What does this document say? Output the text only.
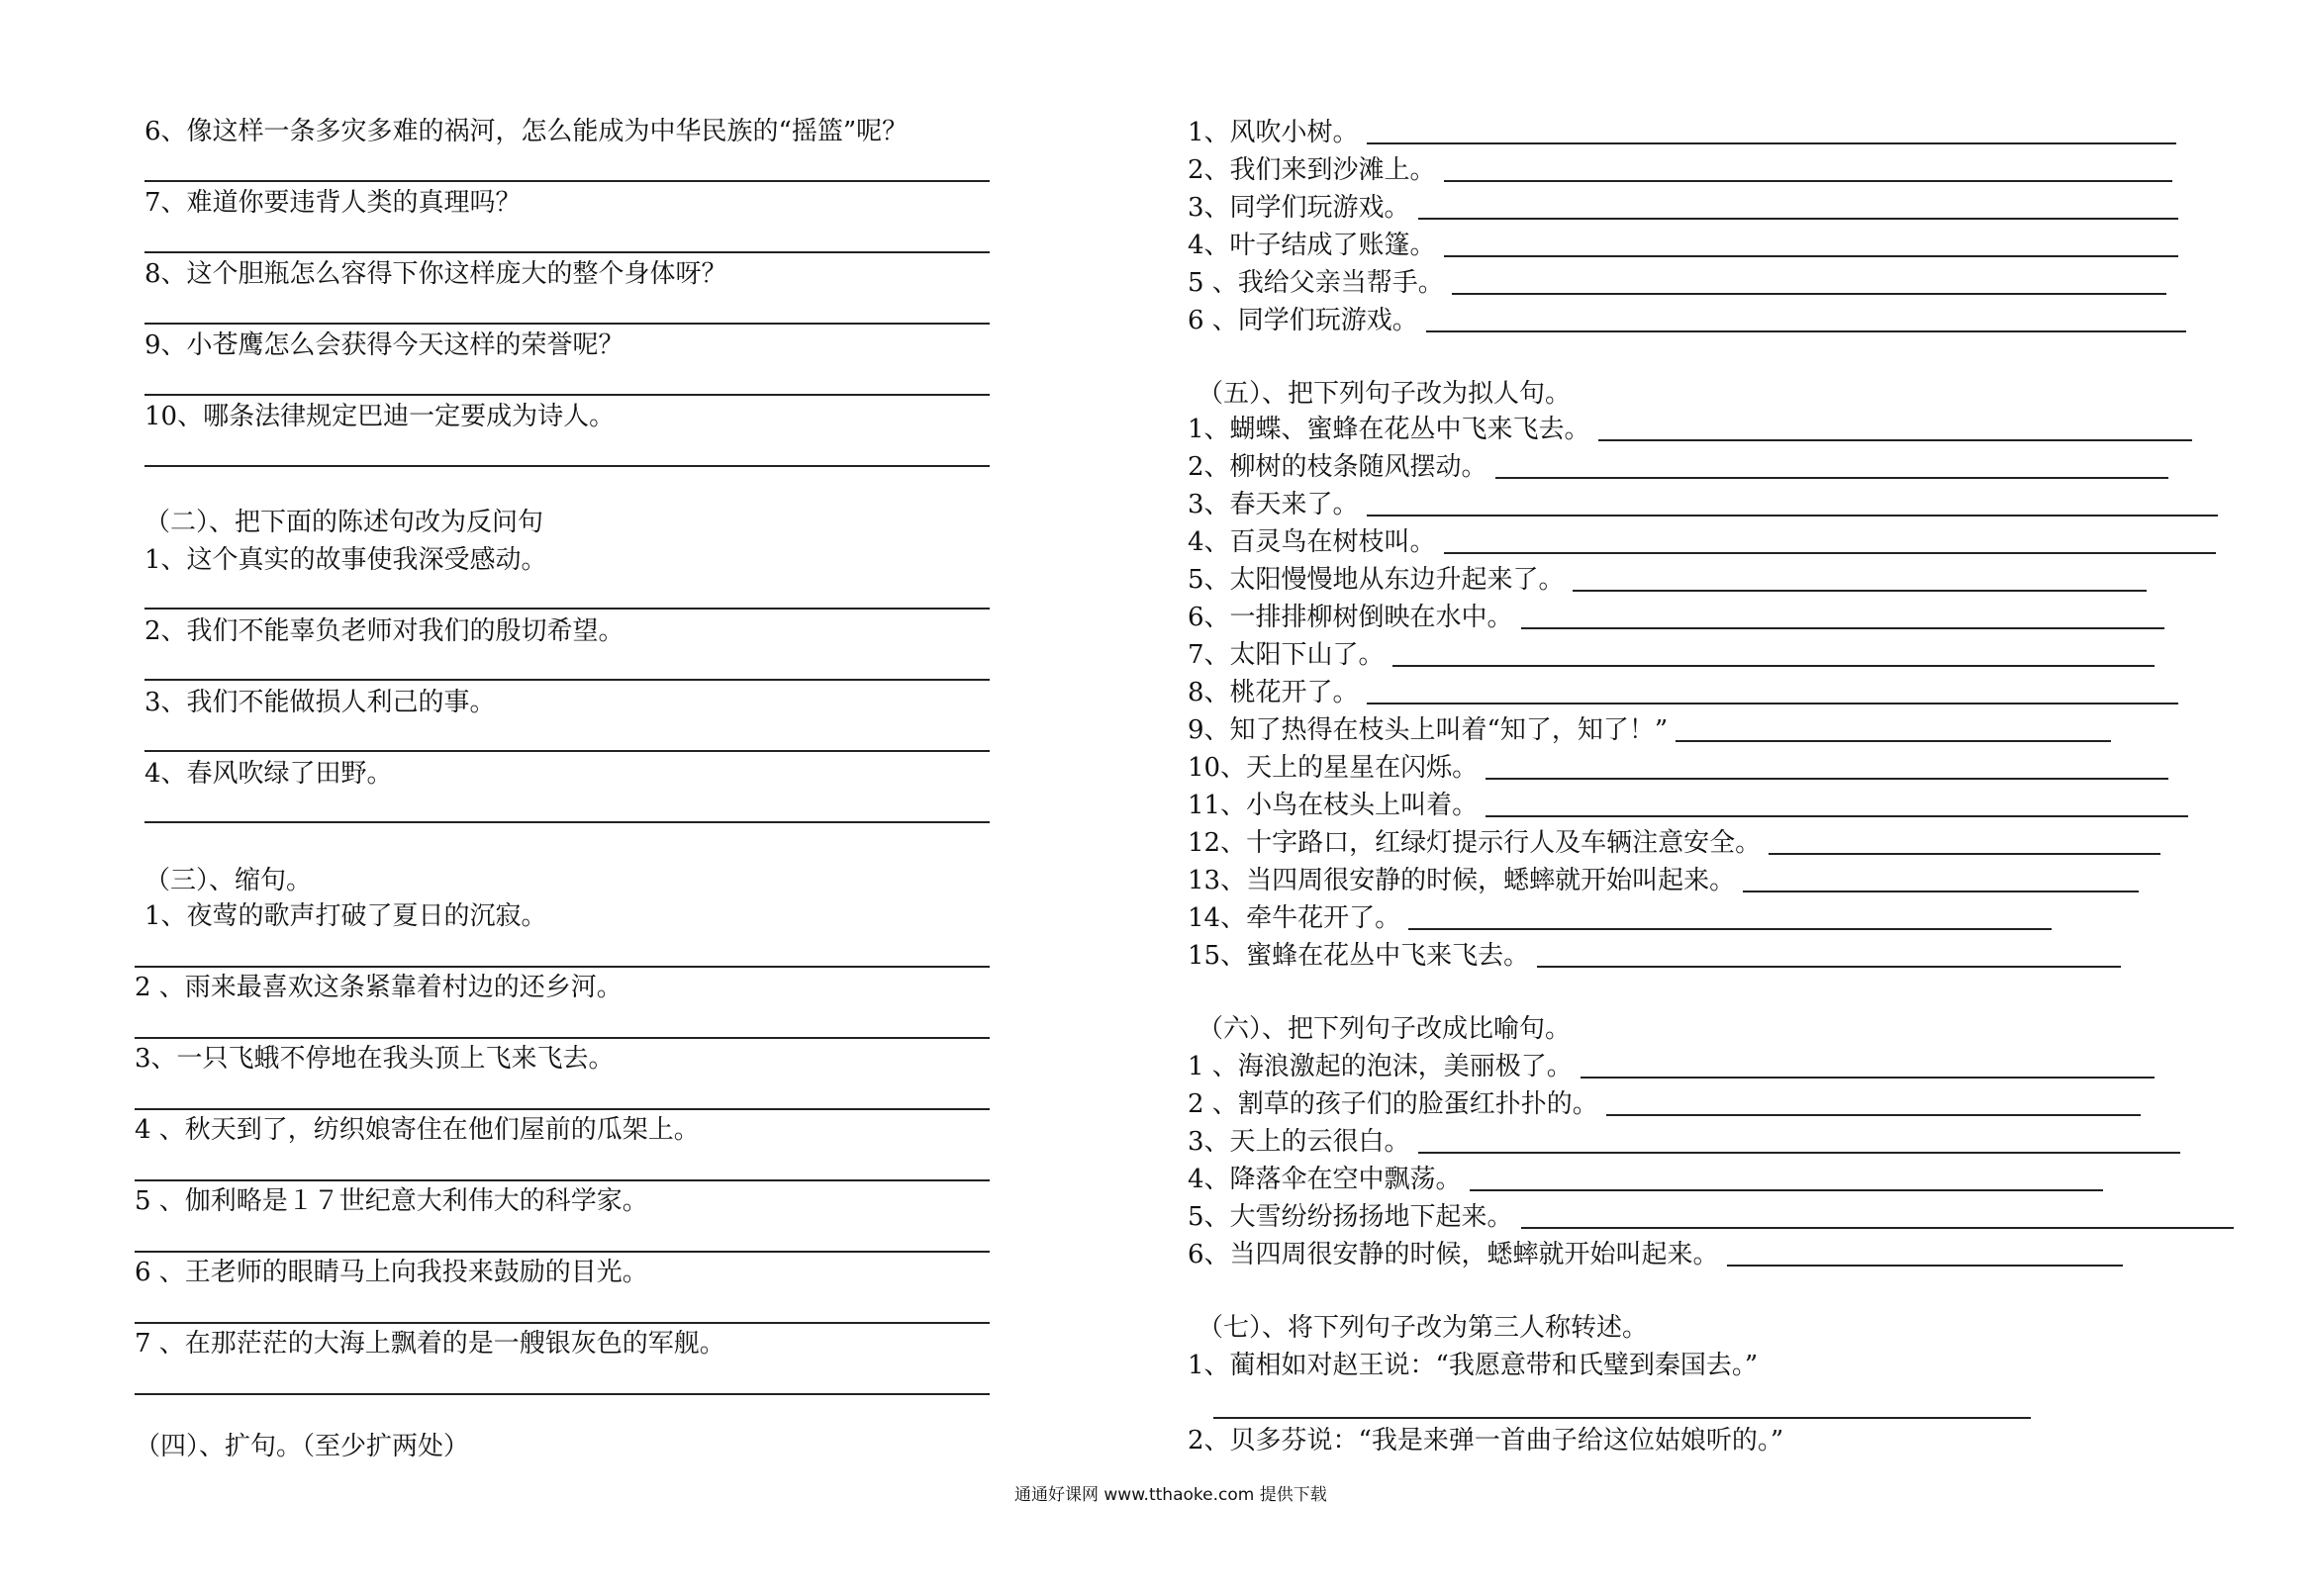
6、像这样一条多灾多难的祸河，怎么能成为中华民族的“摇篮”呢？
7、难道你要违背人类的真理吗？
8、这个胆瓶怎么容得下你这样庞大的整个身体呀？
9、小苍鹰怎么会获得今天这样的荣誉呢？
10、哪条法律规定巴迪一定要成为诗人。
（二）、把下面的陈述句改为反问句
1、这个真实的故事使我深受感动。
2、我们不能辜负老师对我们的殷切希望。
3、我们不能做损人利己的事。
4、春风吹绿了田野。
（三）、缩句。
1、夜莺的歌声打破了夏日的沉寂。
2 、雨来最喜欢这条紧靠着村边的还乡河。
3、一只飞蛾不停地在我头顶上飞来飞去。
4 、秋天到了，纺织娘寄住在他们屋前的瓜架上。
5 、伽利略是１７世纪意大利伟大的科学家。
6 、王老师的眼睛马上向我投来鼓励的目光。
7 、在那茫茫的大海上飘着的是一艘银灰色的军舰。
（四）、扩句。（至少扩两处）
1、风吹小树。
2、我们来到沙滩上。
3、同学们玩游戏。
4、叶子结成了账篷。
5 、我给父亲当帮手。
6 、同学们玩游戏。
（五）、把下列句子改为拟人句。
1、蝴蝶、蜜蜂在花丛中飞来飞去。
2、柳树的枝条随风摆动。
3、春天来了。
4、百灵鸟在树枝叫。
5、太阳慢慢地从东边升起来了。
6、一排排柳树倒映在水中。
7、太阳下山了。
8、桃花开了。
9、知了热得在枝头上叫着“知了，知了！”
10、天上的星星在闪烁。
11、小鸟在枝头上叫着。
12、十字路口，红绿灯提示行人及车辆注意安全。
13、当四周很安静的时候，蟋蟀就开始叫起来。
14、牵牛花开了。
15、蜜蜂在花丛中飞来飞去。
（六）、把下列句子改成比喻句。
1 、海浪激起的泡沫，美丽极了。
2 、割草的孩子们的脸蛋红扑扑的。
3、天上的云很白。
4、降落伞在空中飘荡。
5、大雪纷纷扬扬地下起来。
6、当四周很安静的时候，蟋蟀就开始叫起来。
（七）、将下列句子改为第三人称转述。
1、蔺相如对赵王说：“我愿意带和氏璧到秦国去。”
2、贝多芬说：“我是来弹一首曲子给这位姑娘听的。”
通通好课网 www.tthaoke.com 提供下载
